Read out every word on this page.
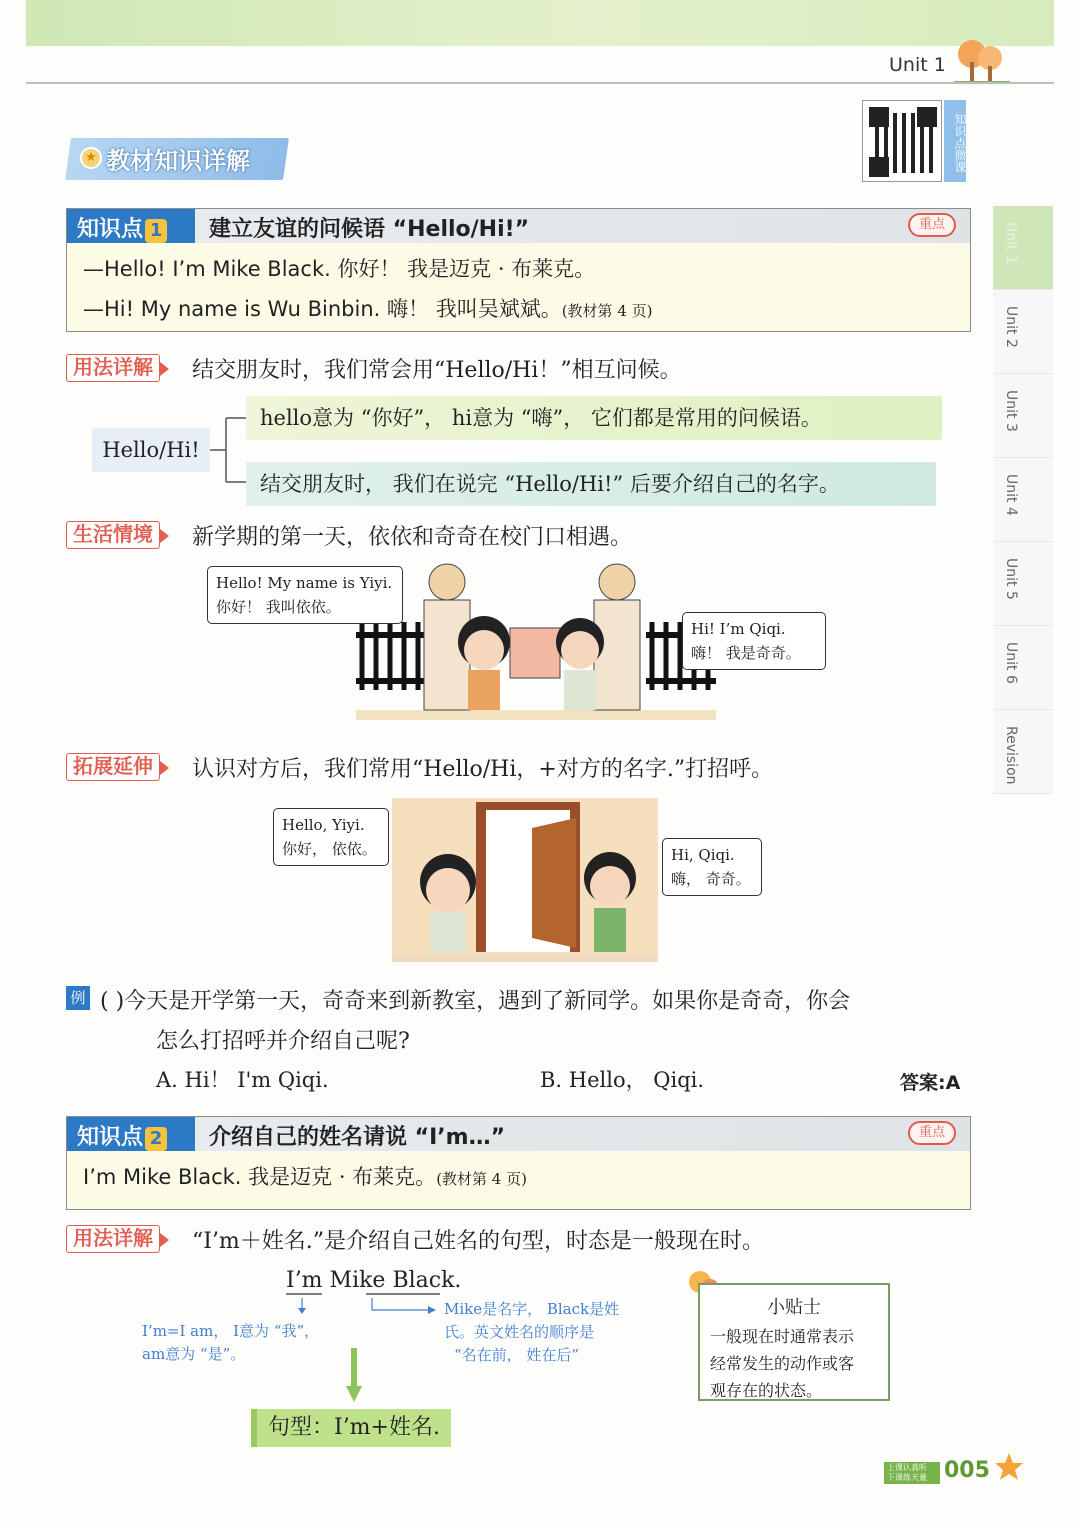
Unit 1
★ 教材知识详解	知识点微课
Unit 1
Unit 2
Unit 3
Unit 4
Unit 5
Unit 6
Revision
知识点 1	建立友谊的问候语 “Hello/Hi!”	重点
—Hello! I’m Mike Black. 你好！ 我是迈克 · 布莱克。
—Hi! My name is Wu Binbin. 嗨！ 我叫吴斌斌。(教材第 4 页)
用法详解	结交朋友时，我们常会用“Hello/Hi！”相互问候。
Hello/Hi!
hello意为 “你好”， hi意为 “嗨”， 它们都是常用的问候语。
结交朋友时， 我们在说完 “Hello/Hi!” 后要介绍自己的名字。
生活情境	新学期的第一天，依依和奇奇在校门口相遇。
Hello! My name is Yiyi.
你好！ 我叫依依。
Hi! I’m Qiqi.
嗨！ 我是奇奇。
拓展延伸	认识对方后，我们常用“Hello/Hi，+对方的名字.”打招呼。
Hello, Yiyi.
你好， 依依。	Hi, Qiqi.
嗨， 奇奇。
例 ( )今天是开学第一天，奇奇来到新教室，遇到了新同学。如果你是奇奇，你会
怎么打招呼并介绍自己呢?
A. Hi！ I'm Qiqi.	B. Hello， Qiqi.	答案:A
知识点 2	介绍自己的姓名请说 “I’m…”	重点
I’m Mike Black. 我是迈克 · 布莱克。(教材第 4 页)
用法详解	“I’m＋姓名.”是介绍自己姓名的句型，时态是一般现在时。
I’m Mike Black.
I’m=I am， I意为 “我”，
am意为 “是”。
Mike是名字， Black是姓
氏。英文姓名的顺序是
“名在前， 姓在后”
句型：I’m+姓名.
小贴士
一般现在时通常表示
经常发生的动作或客
观存在的状态。
上课认真听 下课练天量 005
